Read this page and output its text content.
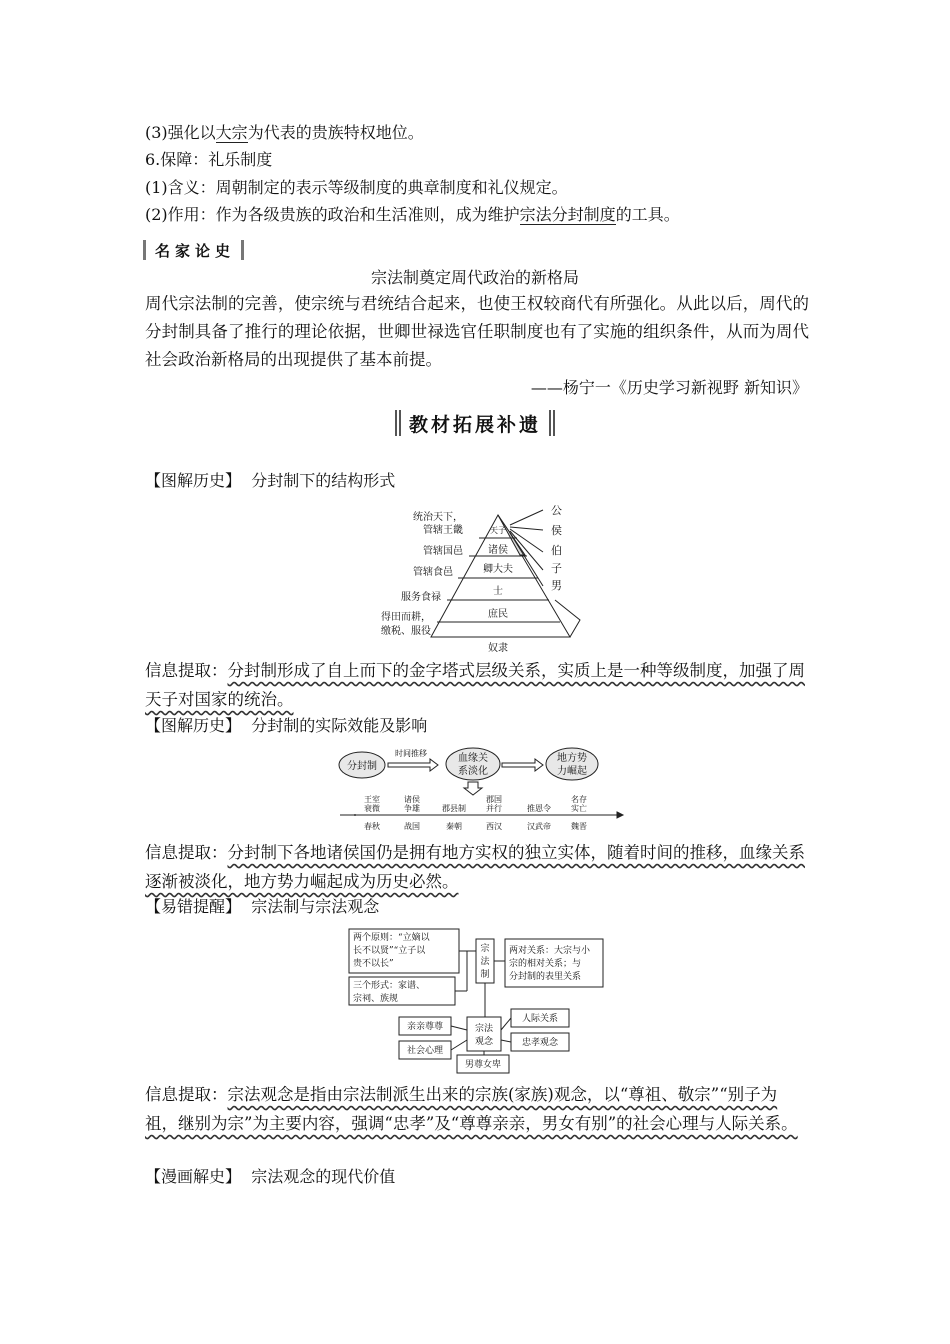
(3)强化以大宗为代表的贵族特权地位。
6.保障：礼乐制度
(1)含义：周朝制定的表示等级制度的典章制度和礼仪规定。
(2)作用：作为各级贵族的政治和生活准则，成为维护宗法分封制度的工具。
名家论史
宗法制奠定周代政治的新格局
周代宗法制的完善，使宗统与君统结合起来，也使王权较商代有所强化。从此以后，周代的分封制具备了推行的理论依据，世卿世禄选官任职制度也有了实施的组织条件，从而为周代社会政治新格局的出现提供了基本前提。
——杨宁一《历史学习新视野 新知识》
教材拓展补遗
【图解历史】 分封制下的结构形式
天子
诸侯
卿大夫
士
庶民
奴隶
统治天下，
管辖王畿
管辖国邑
管辖食邑
服务食禄
得田而耕，
缴税、服役
公
侯
伯
子
男
信息提取：分封制形成了自上而下的金字塔式层级关系，实质上是一种等级制度，加强了周天子对国家的统治。
【图解历史】 分封制的实际效能及影响
分封制
时间推移	血缘关
系淡化
地方势
力崛起
王室
衰微
诸侯
争雄	郡县制
郡国
并行	推恩令
名存
实亡
春秋	战国	秦朝	西汉	汉武帝	魏晋
信息提取：分封制下各地诸侯国仍是拥有地方实权的独立实体，随着时间的推移，血缘关系逐渐被淡化，地方势力崛起成为历史必然。
【易错提醒】 宗法制与宗法观念
两个原则：“立嫡以
长不以贤”“立子以
贵不以长”
两对关系：大宗与小
宗的相对关系；与
分封制的表里关系
三个形式：家谱、
宗祠、族规
宗
法
制
宗法
观念
亲亲尊尊
社会心理
人际关系
忠孝观念
男尊女卑
信息提取：宗法观念是指由宗法制派生出来的宗族(家族)观念，以“尊祖、敬宗”“别子为祖，继别为宗”为主要内容，强调“忠孝”及“尊尊亲亲，男女有别”的社会心理与人际关系。
【漫画解史】 宗法观念的现代价值
